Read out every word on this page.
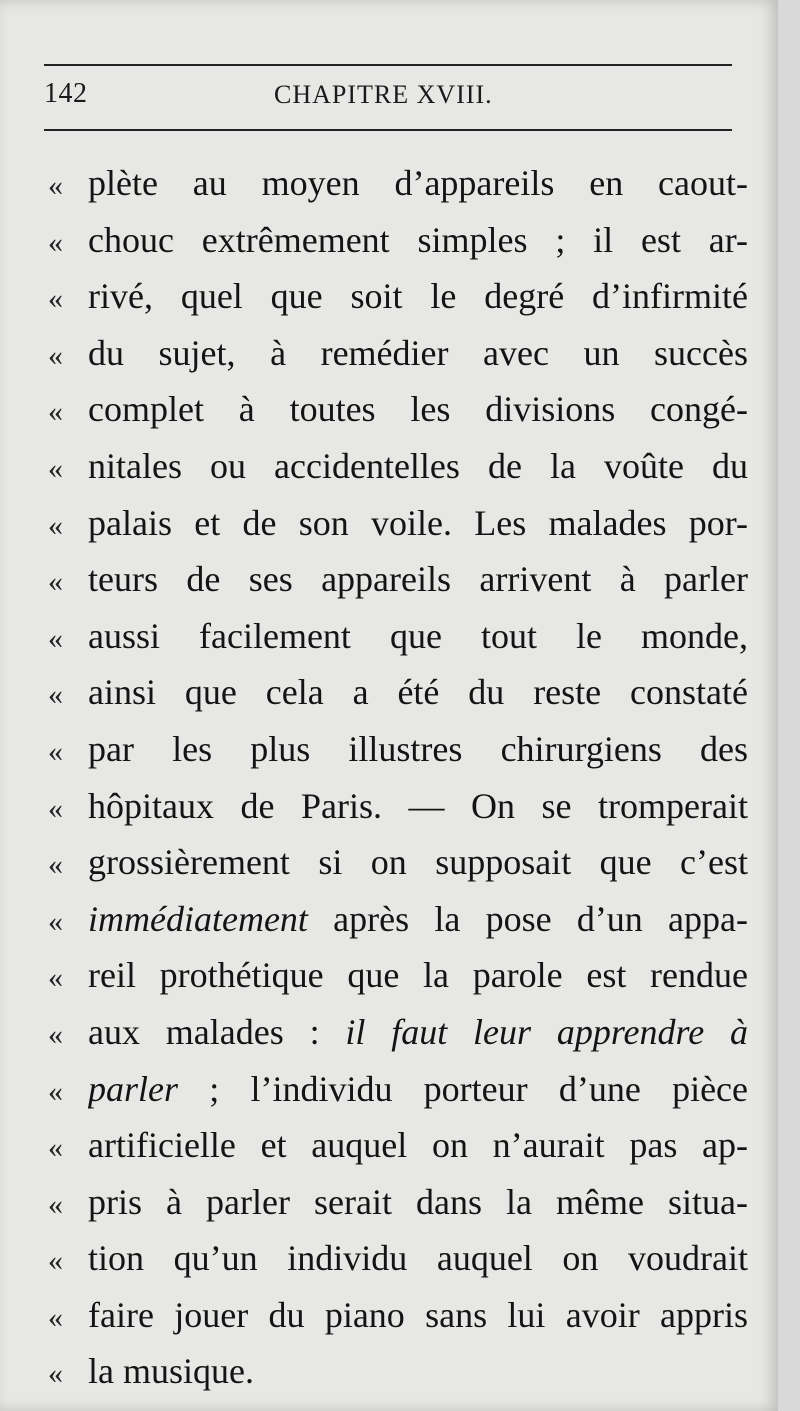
142	CHAPITRE XVIII.
« plète au moyen d’appareils en caout-
« chouc extrêmement simples ; il est ar-
« rivé, quel que soit le degré d’infirmité
« du sujet, à remédier avec un succès
« complet à toutes les divisions congé-
« nitales ou accidentelles de la voûte du
« palais et de son voile. Les malades por-
« teurs de ses appareils arrivent à parler
« aussi facilement que tout le monde,
« ainsi que cela a été du reste constaté
« par les plus illustres chirurgiens des
« hôpitaux de Paris. — On se tromperait
« grossièrement si on supposait que c’est
« immédiatement après la pose d’un appa-
« reil prothétique que la parole est rendue
« aux malades : il faut leur apprendre à
« parler ; l’individu porteur d’une pièce
« artificielle et auquel on n’aurait pas ap-
« pris à parler serait dans la même situa-
« tion qu’un individu auquel on voudrait
« faire jouer du piano sans lui avoir appris
« la musique.
